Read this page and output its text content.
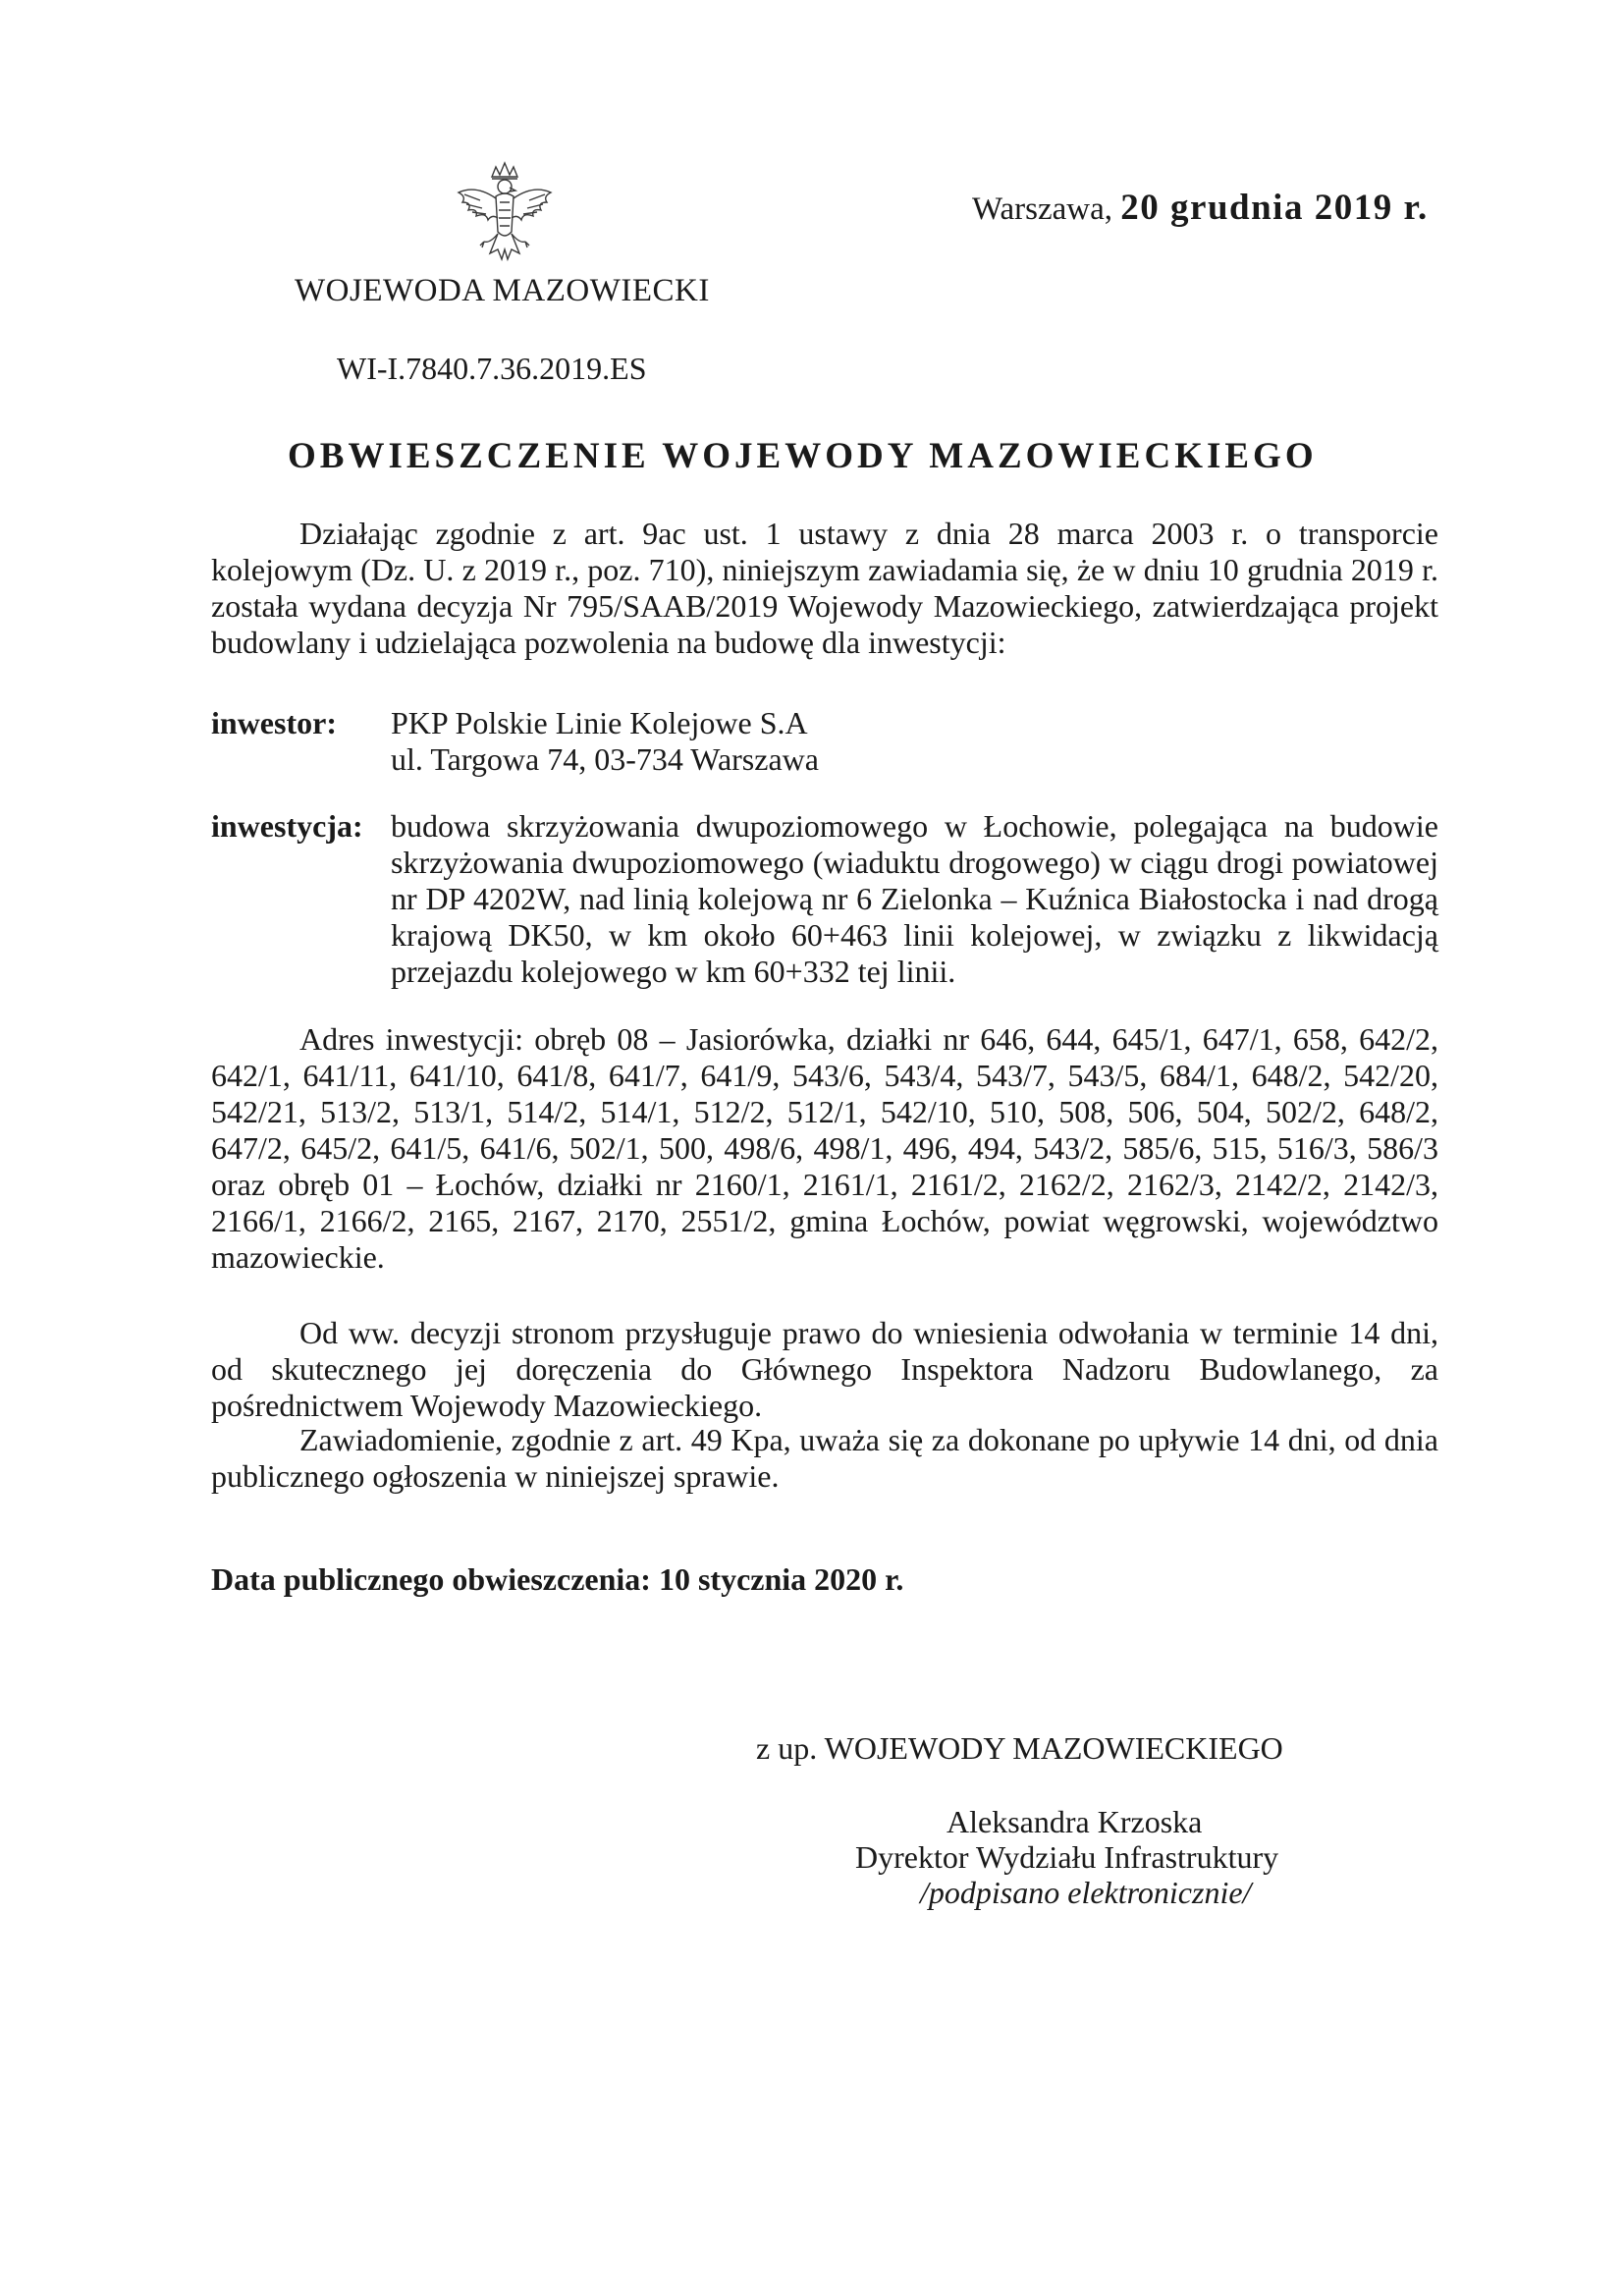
WOJEWODA MAZOWIECKI
Warszawa, 20 grudnia 2019 r.
WI-I.7840.7.36.2019.ES
OBWIESZCZENIE WOJEWODY MAZOWIECKIEGO

Działając zgodnie z art. 9ac ust. 1 ustawy z dnia 28 marca 2003 r. o transporcie kolejowym (Dz. U. z 2019 r., poz. 710), niniejszym zawiadamia się, że w dniu 10 grudnia 2019 r. została wydana decyzja Nr 795/SAAB/2019 Wojewody Mazowieckiego, zatwierdzająca projekt budowlany i udzielająca pozwolenia na budowę dla inwestycji:

inwestor: PKP Polskie Linie Kolejowe S.A
ul. Targowa 74, 03-734 Warszawa
inwestycja: budowa skrzyżowania dwupoziomowego w Łochowie, polegająca na budowie skrzyżowania dwupoziomowego (wiaduktu drogowego) w ciągu drogi powiatowej nr DP 4202W, nad linią kolejową nr 6 Zielonka – Kuźnica Białostocka i nad drogą krajową DK50, w km około 60+463 linii kolejowej, w związku z likwidacją przejazdu kolejowego w km 60+332 tej linii.

Adres inwestycji: obręb 08 – Jasiorówka, działki nr 646, 644, 645/1, 647/1, 658, 642/2, 642/1, 641/11, 641/10, 641/8, 641/7, 641/9, 543/6, 543/4, 543/7, 543/5, 684/1, 648/2, 542/20, 542/21, 513/2, 513/1, 514/2, 514/1, 512/2, 512/1, 542/10, 510, 508, 506, 504, 502/2, 648/2, 647/2, 645/2, 641/5, 641/6, 502/1, 500, 498/6, 498/1, 496, 494, 543/2, 585/6, 515, 516/3, 586/3 oraz obręb 01 – Łochów, działki nr 2160/1, 2161/1, 2161/2, 2162/2, 2162/3, 2142/2, 2142/3, 2166/1, 2166/2, 2165, 2167, 2170, 2551/2, gmina Łochów, powiat węgrowski, województwo mazowieckie.

Od ww. decyzji stronom przysługuje prawo do wniesienia odwołania w terminie 14 dni, od skutecznego jej doręczenia do Głównego Inspektora Nadzoru Budowlanego, za pośrednictwem Wojewody Mazowieckiego.

Zawiadomienie, zgodnie z art. 49 Kpa, uważa się za dokonane po upływie 14 dni, od dnia publicznego ogłoszenia w niniejszej sprawie.

Data publicznego obwieszczenia: 10 stycznia 2020 r.
z up. WOJEWODY MAZOWIECKIEGO
Aleksandra Krzoska
Dyrektor Wydziału Infrastruktury
/podpisano elektronicznie/
